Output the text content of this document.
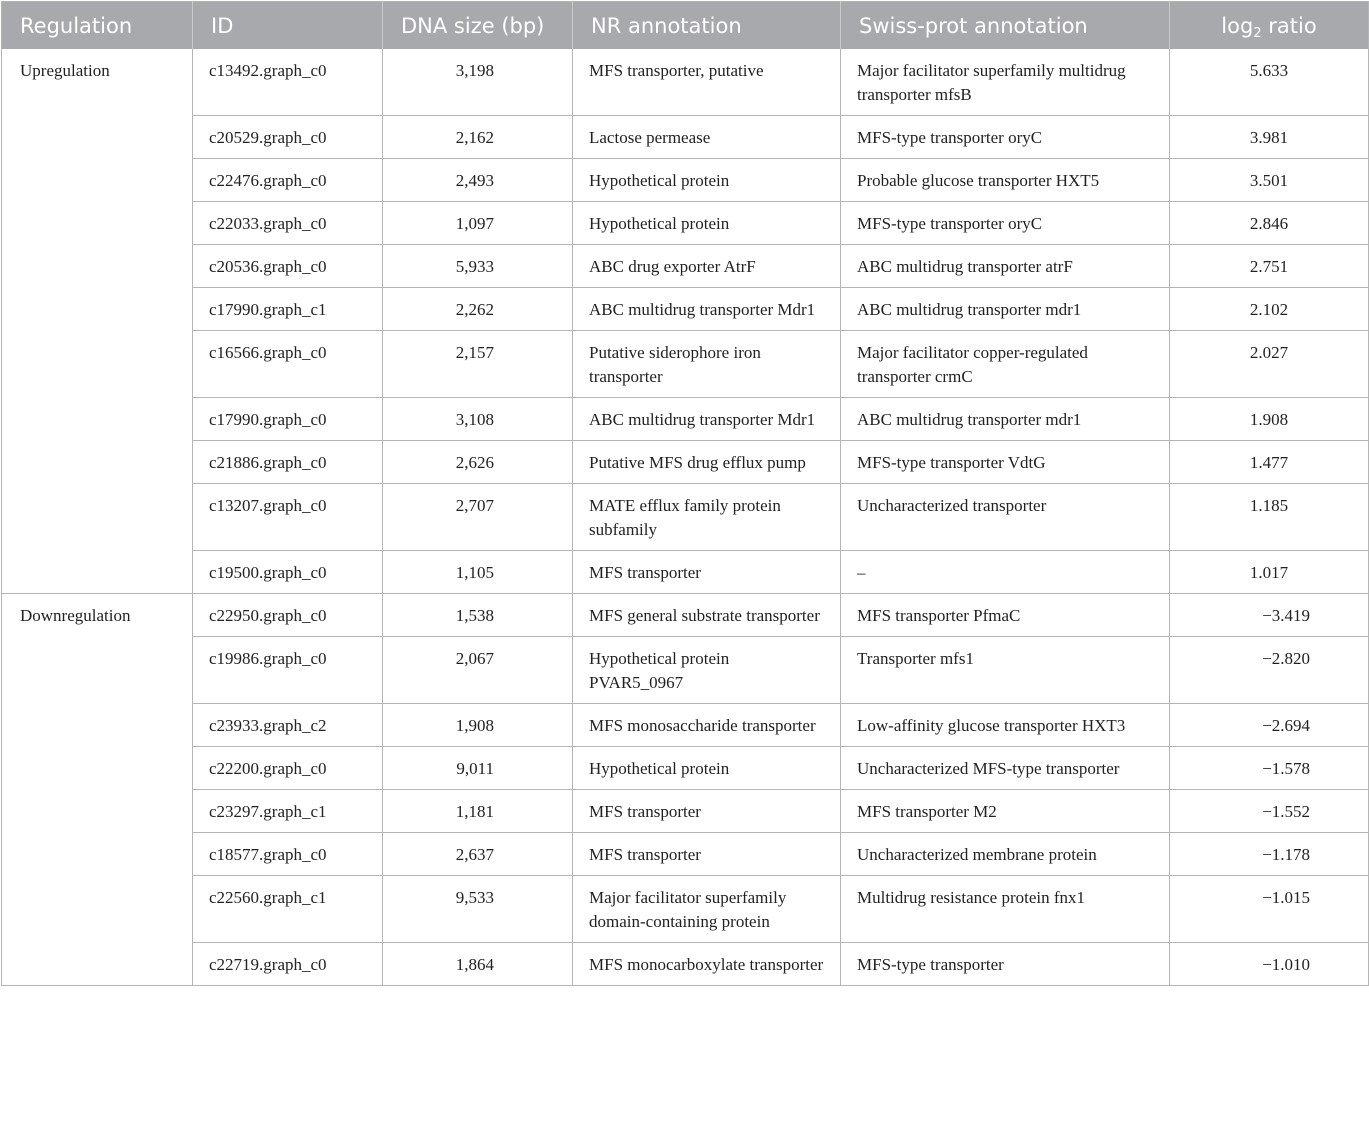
Regulation	ID	DNA size (bp)	NR annotation	Swiss-prot annotation	$\log_2$ ratio
Upregulation	c13492.graph_c0	3,198	MFS transporter, putative	Major facilitator superfamily multidrug transporter mfsB	5.633
	c20529.graph_c0	2,162	Lactose permease	MFS-type transporter oryC	3.981
	c22476.graph_c0	2,493	Hypothetical protein	Probable glucose transporter HXT5	3.501
	c22033.graph_c0	1,097	Hypothetical protein	MFS-type transporter oryC	2.846
	c20536.graph_c0	5,933	ABC drug exporter AtrF	ABC multidrug transporter atrF	2.751
	c17990.graph_c1	2,262	ABC multidrug transporter Mdr1	ABC multidrug transporter mdr1	2.102
	c16566.graph_c0	2,157	Putative siderophore iron transporter	Major facilitator copper-regulated transporter crmC	2.027
	c17990.graph_c0	3,108	ABC multidrug transporter Mdr1	ABC multidrug transporter mdr1	1.908
	c21886.graph_c0	2,626	Putative MFS drug efflux pump	MFS-type transporter VdtG	1.477
	c13207.graph_c0	2,707	MATE efflux family protein subfamily	Uncharacterized transporter	1.185
	c19500.graph_c0	1,105	MFS transporter	–	1.017
Downregulation	c22950.graph_c0	1,538	MFS general substrate transporter	MFS transporter PfmaC	−3.419
	c19986.graph_c0	2,067	Hypothetical protein PVAR5_0967	Transporter mfs1	−2.820
	c23933.graph_c2	1,908	MFS monosaccharide transporter	Low-affinity glucose transporter HXT3	−2.694
	c22200.graph_c0	9,011	Hypothetical protein	Uncharacterized MFS-type transporter	−1.578
	c23297.graph_c1	1,181	MFS transporter	MFS transporter M2	−1.552
	c18577.graph_c0	2,637	MFS transporter	Uncharacterized membrane protein	−1.178
	c22560.graph_c1	9,533	Major facilitator superfamily domain-containing protein	Multidrug resistance protein fnx1	−1.015
	c22719.graph_c0	1,864	MFS monocarboxylate transporter	MFS-type transporter	−1.010
